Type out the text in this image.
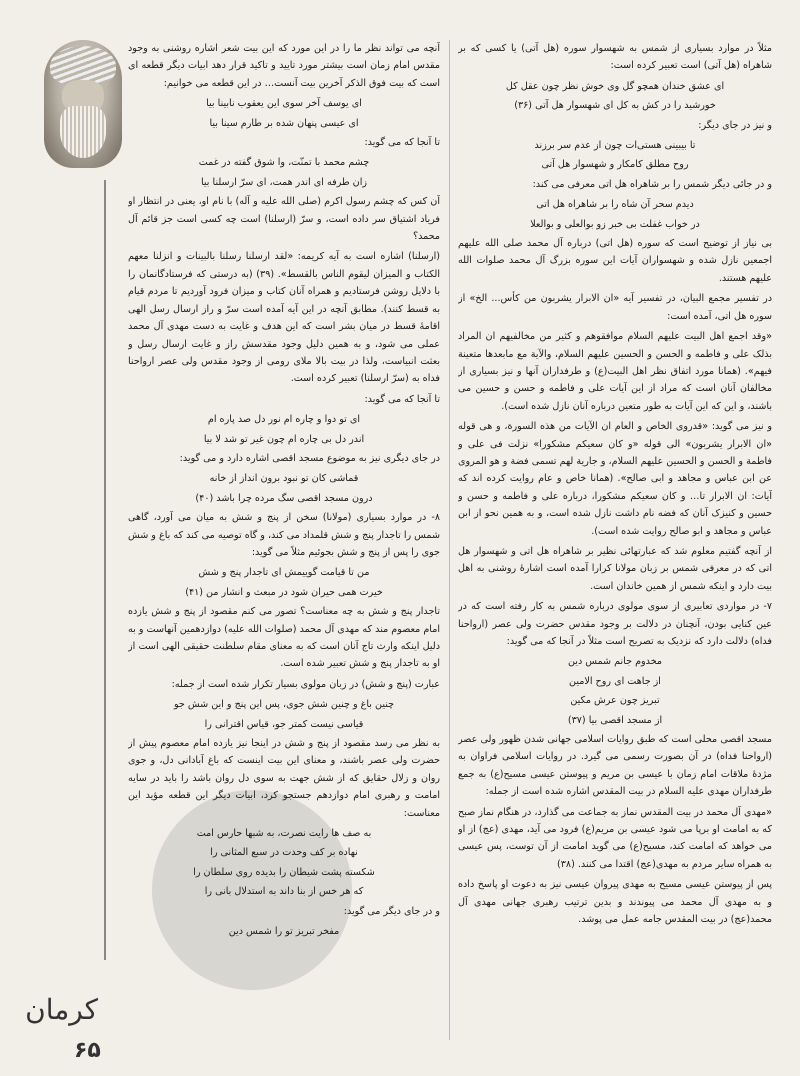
مثلاً در موارد بسیاری از شمس به شهسوار سوره (هل آتی) یا کسی که بر شاهراه (هل آتی) است تعبیر کرده است:

ای عشق خندان همچو گل وی خوش نظر چون عقل کل

خورشید را در کش به کل ای شهسوار هل آتی (۳۶)

و نیز در جای دیگر:

تا بیبینی هستی‌ات چون از عدم سر برزند

روح مطلق کامکار و شهسوار هل آتی

و در جائی دیگر شمس را بر شاهراه هل اتی معرفی می کند:

دیدم سحر آن شاه را بر شاهراه هل اتی

در خواب غفلت بی خبر زو بوالعلی و بوالعلا

بی نیاز از توضیح است که سوره (هل اتی) درباره آل محمد صلی الله علیهم اجمعین نازل شده و شهسواران آیات این سوره بزرگ آل محمد صلوات الله علیهم هستند.

در تفسیر مجمع البیان، در تفسیر آیه «ان الابرار یشربون من کأس... الخ» از سوره هل اتی، آمده است:

«وقد اجمع اهل البیت علیهم السلام موافقوهم و کثیر من مخالفیهم ان المراد بذلک علی و فاطمه و الحسن و الحسین علیهم السلام، والآیة مع مابعدها متعینة فیهم». (همانا مورد اتفاق نظر اهل البیت(ع) و طرفداران آنها و نیز بسیاری از مخالفان آنان است که مراد از این آیات علی و فاطمه و حسن و حسین می باشند، و این که این آیات به طور متعین درباره آنان نازل شده است).

و نیز می گوید: «قدروی الخاص و العام ان الآیات من هذه السورة، و هی قوله «ان الابرار یشربون» الی قوله «و کان سعیکم مشکورا» نزلت فی علی و فاطمة و الحسن و الحسین علیهم السلام، و جاریة لهم تسمی فضة و هو المروی عن ابن عباس و مجاهد و ابی صالح». (همانا خاص و عام روایت کرده اند که آیات: ان الابرار تا… و کان سعیکم مشکورا، درباره علی و فاطمه و حسن و حسین و کنیزک آنان که فضه نام داشت نازل شده است، و به همین نحو از ابن عباس و مجاهد و ابو صالح روایت شده است).

از آنچه گفتیم معلوم شد که عبارتهائی نظیر بر شاهراه هل اتی و شهسوار هل اتی که در معرفی شمس بر زبان مولانا کرارا آمده است اشارهٔ روشنی به اهل بیت دارد و اینکه شمس از همین خاندان است.

۷- در مواردی تعابیری از سوی مولوی درباره شمس به کار رفته است که در عین کنایی بودن، آنچنان در دلالت بر وجود مقدس حضرت ولی عصر (ارواحنا فداه) دلالت دارد که نزدیک به تصریح است مثلاً در آنجا که می گوید:

مخدوم جانم شمس دین

از جاهت ای روح الامین

تبریز چون عرش مکین

از مسجد اقصی بیا (۳۷)

مسجد اقصی محلی است که طبق روایات اسلامی جهانی شدن ظهور ولی عصر (ارواحنا فداه) در آن بصورت رسمی می گیرد. در روایات اسلامی فراوان به مژدهٔ ملاقات امام زمان با عیسی بن مریم و پیوستن عیسی مسیح(ع) به جمع طرفداران مهدی علیه السلام در بیت المقدس اشاره شده است از جمله:

«مهدی آل محمد در بیت المقدس نماز به جماعت می گذارد، در هنگام نماز صبح که به امامت او برپا می شود عیسی بن مریم(ع) فرود می آید، مهدی (عج) از او می خواهد که امامت کند، مسیح(ع) می گوید امامت از آن توست، پس عیسی به همراه سایر مردم به مهدی(عج) اقتدا می کنند. (۳۸)

پس از پیوستن عیسی مسیح به مهدی پیروان عیسی نیز به دعوت او پاسخ داده و به مهدی آل محمد می پیوندند و بدین ترتیب رهبری جهانی مهدی آل محمد(عج) در بیت المقدس جامه عمل می پوشد.

آنچه می تواند نظر ما را در این مورد که این بیت شعر اشاره روشنی به وجود مقدس امام زمان است بیشتر مورد تایید و تاکید قرار دهد ابیات دیگر قطعه ای است که بیت فوق الذکر آخرین بیت آنست… در این قطعه می خوانیم:

ای یوسف آخر سوی این یعقوب نابینا بیا

ای عیسی پنهان شده بر طارم سینا بیا

تا آنجا که می گوید:

چشم محمد با تمنّت، وا شوق گفته در غمت

زان طرفه ای اندر همت، ای سرّ ارسلنا بیا

آن کس که چشم رسول اکرم (صلی الله علیه و آله) با نام او، یعنی در انتظار او فریاد اشتیاق سر داده است، و سرّ (ارسلنا) است چه کسی است جز قائم آل محمد؟

(ارسلنا) اشاره است به آیه کریمه: «لقد ارسلنا رسلنا بالبینات و انزلنا معهم الکتاب و المیزان لیقوم الناس بالقسط». (۳۹) (به درستی که فرستادگانمان را با دلایل روشن فرستادیم و همراه آنان کتاب و میزان فرود آوردیم تا مردم قیام به قسط کنند). مطابق آنچه در این آیه آمده است سرّ و راز ارسال رسل الهی اقامهٔ قسط در میان بشر است که این هدف و غایت به دست مهدی آل محمد عملی می شود، و به همین دلیل وجود مقدسش راز و غایت ارسال رسل و بعثت انبیاست، ولذا در بیت بالا ملای رومی از وجود مقدس ولی عصر ارواحنا فداه به (سرّ ارسلنا) تعبیر کرده است.

تا آنجا که می گوید:

ای تو دوا و چاره ام نور دل صد پاره ام

اندر دل بی چاره ام چون غیر تو شد لا بیا

در جای دیگری نیز به موضوع مسجد اقصی اشاره دارد و می گوید:

قماشی کان تو نبود برون انداز از خانه

درون مسجد اقصی سگ مرده چرا باشد (۴۰)

۸- در موارد بسیاری (مولانا) سخن از پنج و شش به میان می آورد، گاهی شمس را تاجدار پنج و شش قلمداد می کند، و گاه توصیه می کند که باغ و شش جوی را پس از پنج و شش بجوئیم مثلاً می گوید:

من تا قیامت گوییمش ای تاجدار پنج و شش

خیرت همی حیران شود در مبعث و انشار من (۴۱)

تاجدار پنج و شش به چه معناست؟ تصور می کنم مقصود از پنج و شش یازده امام معصوم مند که مهدی آل محمد (صلوات الله علیه) دوازدهمین آنهاست و به دلیل اینکه وارث تاج آنان است که به معنای مقام سلطنت حقیقی الهی است از او به تاجدار پنج و شش تعبیر شده است.

عبارت (پنج و شش) در زبان مولوی بسیار تکرار شده است از جمله:

چنین باغ و چنین شش جوی، پس این پنج و این شش جو

قیاسی نیست کمتر جو، قیاس اقترانی را

به نظر می رسد مقصود از پنج و شش در اینجا نیز یازده امام معصوم پیش از حضرت ولی عصر باشند، و معنای این بیت اینست که باغ آبادانی دل، و جوی روان و زلال حقایق که از شش جهت به سوی دل روان باشد را باید در سایه امامت و رهبری امام دوازدهم جستجو کرد، ابیات دیگر این قطعه مؤید این معناست:

به صف ها رایت نصرت، به شبها حارس امت

نهاده بر کف وحدت در سبع المثانی را

شکسته پشت شیطان را بدیده روی سلطان را

که هر خس از بنا داند به استدلال بانی را

و در جای دیگر می گوید:

مفخر تبریز تو را شمس دین

کرمان
۶۵
